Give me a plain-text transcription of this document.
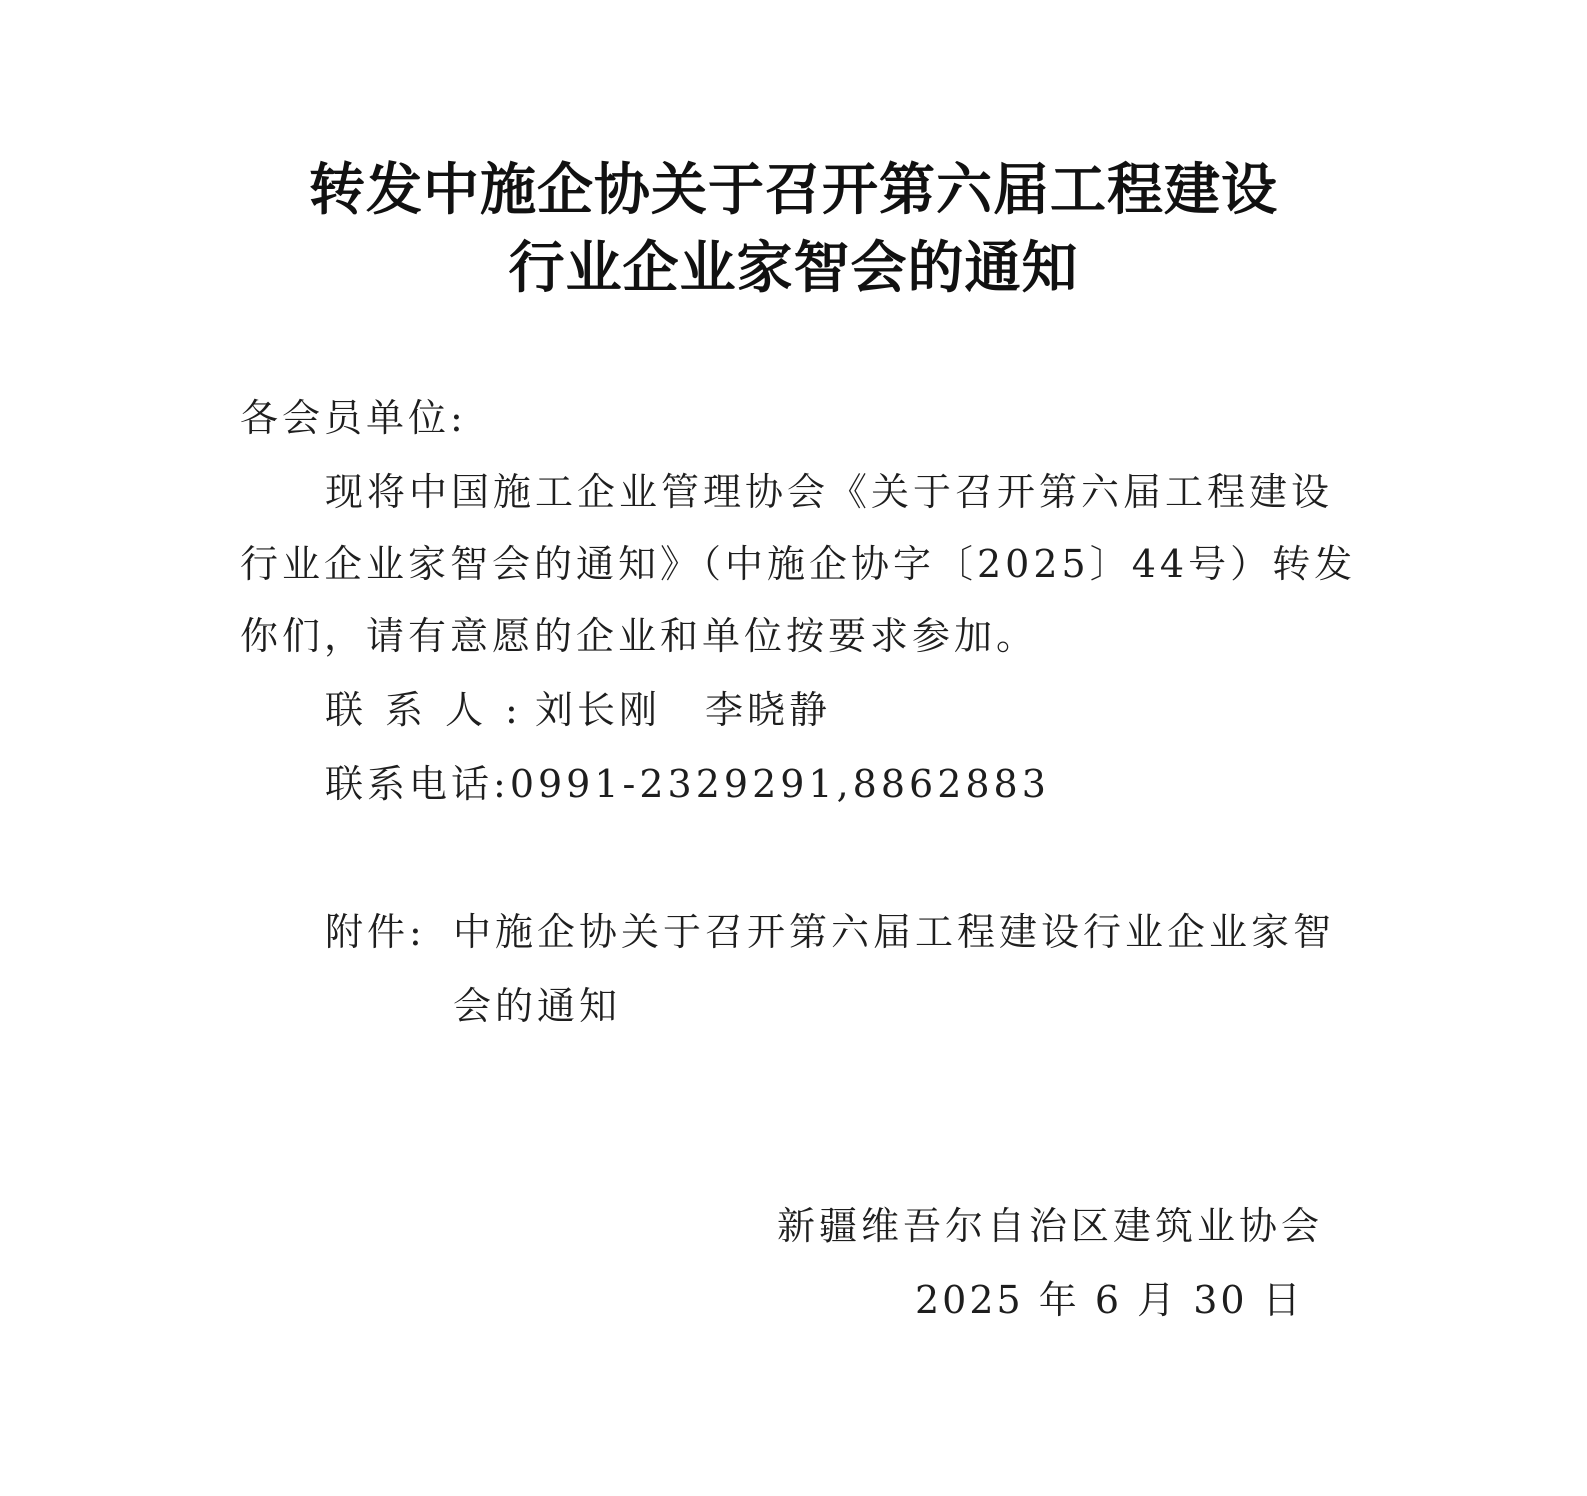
转发中施企协关于召开第六届工程建设
行业企业家智会的通知
各会员单位:
现将中国施工企业管理协会《关于召开第六届工程建设
行业企业家智会的通知》（中施企协字〔2025〕44号）转发
你们，请有意愿的企业和单位按要求参加。
联系人:刘长刚 李晓静
联系电话:0991-2329291,8862883
附件: 中施企协关于召开第六届工程建设行业企业家智
会的通知
新疆维吾尔自治区建筑业协会
2025 年 6 月 30 日
